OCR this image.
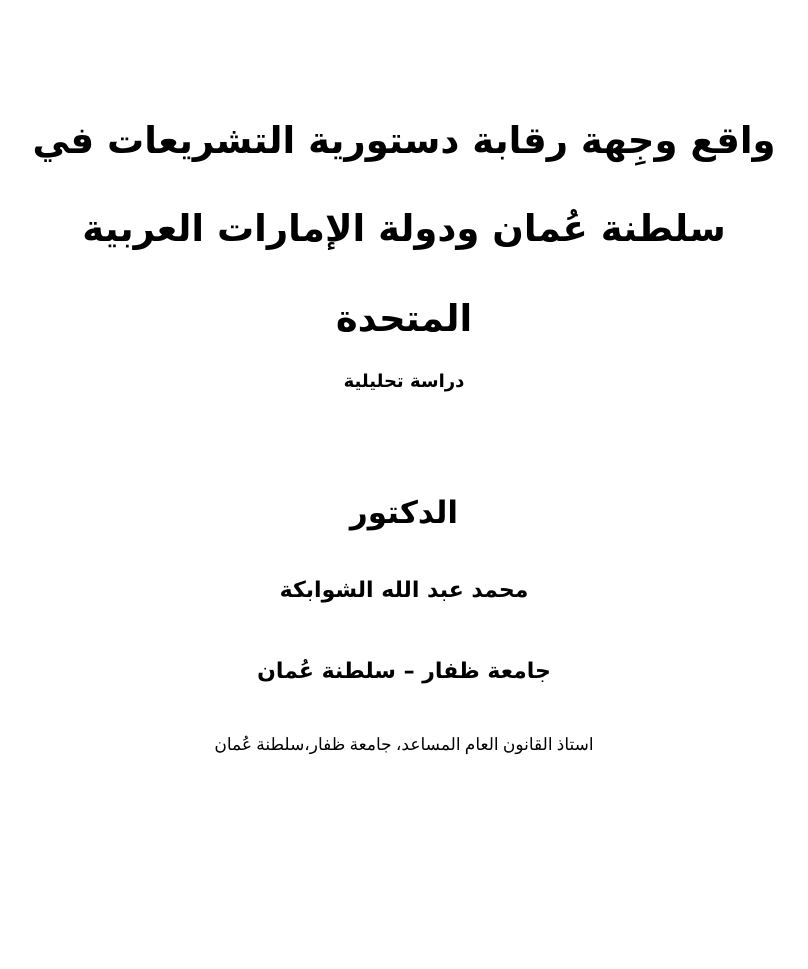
واقع وجِهة رقابة دستورية التشريعات في
سلطنة عُمان ودولة الإمارات العربية
المتحدة
دراسة تحليلية
الدكتور
محمد عبد الله الشوابكة
جامعة ظفار – سلطنة عُمان
استاذ القانون العام المساعد، جامعة ظفار،سلطنة عُمان
